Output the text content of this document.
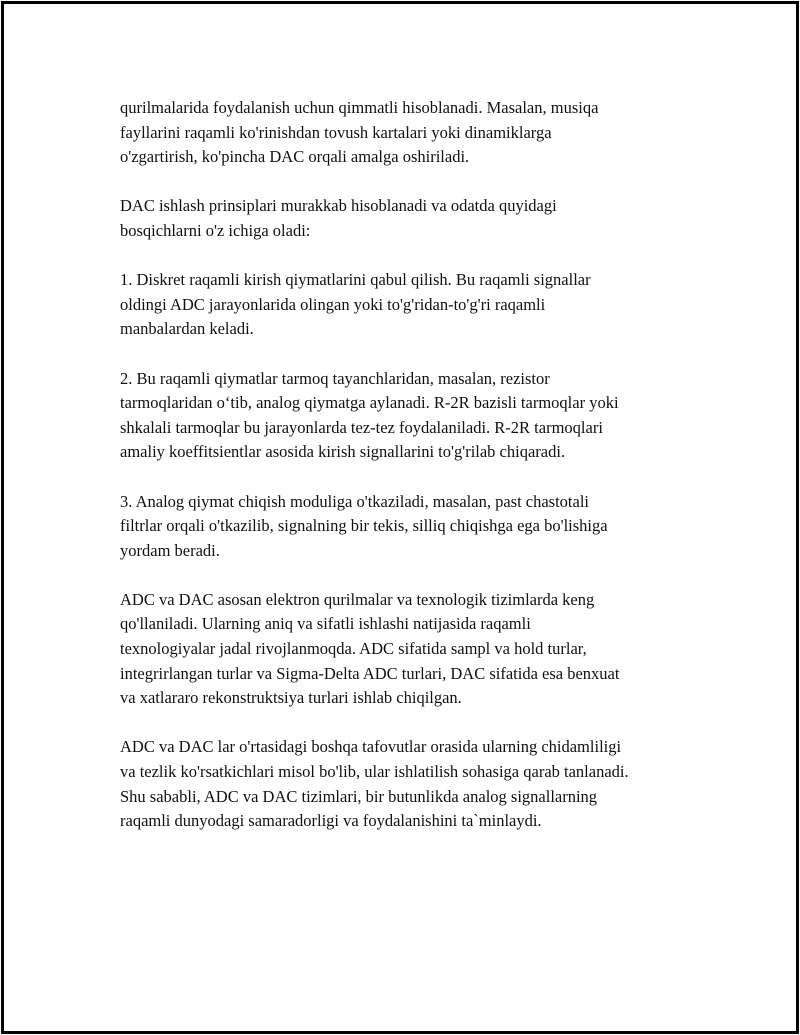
qurilmalarida foydalanish uchun qimmatli hisoblanadi. Masalan, musiqa
fayllarini raqamli ko'rinishdan tovush kartalari yoki dinamiklarga
o'zgartirish, ko'pincha DAC orqali amalga oshiriladi.

DAC ishlash prinsiplari murakkab hisoblanadi va odatda quyidagi
bosqichlarni o'z ichiga oladi:

1. Diskret raqamli kirish qiymatlarini qabul qilish. Bu raqamli signallar
oldingi ADC jarayonlarida olingan yoki to'g'ridan-to'g'ri raqamli
manbalardan keladi.

2. Bu raqamli qiymatlar tarmoq tayanchlaridan, masalan, rezistor
tarmoqlaridan o‘tib, analog qiymatga aylanadi. R-2R bazisli tarmoqlar yoki
shkalali tarmoqlar bu jarayonlarda tez-tez foydalaniladi. R-2R tarmoqlari
amaliy koeffitsientlar asosida kirish signallarini to'g'rilab chiqaradi.

3. Analog qiymat chiqish moduliga o'tkaziladi, masalan, past chastotali
filtrlar orqali o'tkazilib, signalning bir tekis, silliq chiqishga ega bo'lishiga
yordam beradi.

ADC va DAC asosan elektron qurilmalar va texnologik tizimlarda keng
qo'llaniladi. Ularning aniq va sifatli ishlashi natijasida raqamli
texnologiyalar jadal rivojlanmoqda. ADC sifatida sampl va hold turlar,
integrirlangan turlar va Sigma-Delta ADC turlari, DAC sifatida esa benxuat
va xatlararo rekonstruktsiya turlari ishlab chiqilgan.

ADC va DAC lar o'rtasidagi boshqa tafovutlar orasida ularning chidamliligi
va tezlik ko'rsatkichlari misol bo'lib, ular ishlatilish sohasiga qarab tanlanadi.
Shu sababli, ADC va DAC tizimlari, bir butunlikda analog signallarning
raqamli dunyodagi samaradorligi va foydalanishini ta`minlaydi.
